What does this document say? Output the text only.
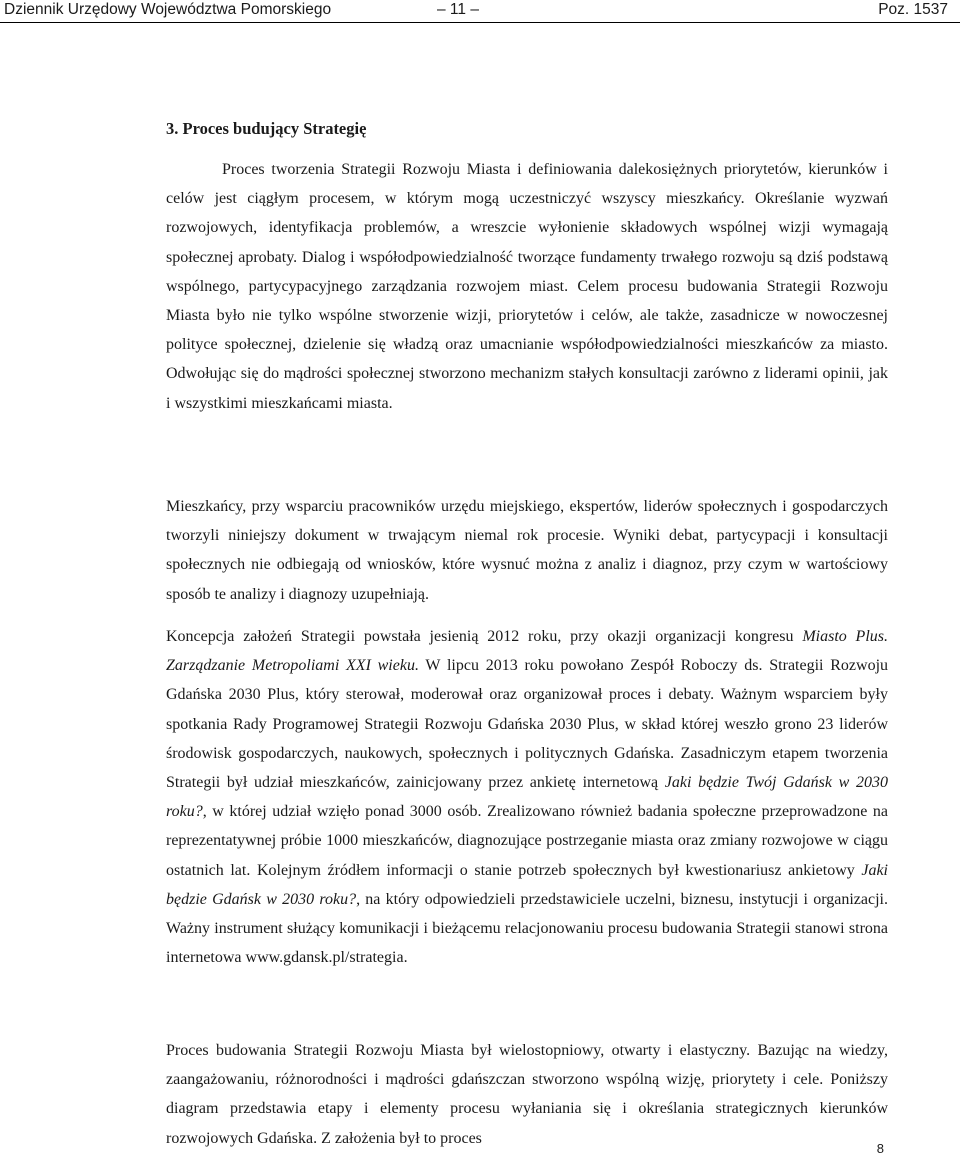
Dziennik Urzędowy Województwa Pomorskiego	– 11 –	Poz. 1537
3. Proces budujący Strategię

Proces tworzenia Strategii Rozwoju Miasta i definiowania dalekosiężnych priorytetów, kierunków i celów jest ciągłym procesem, w którym mogą uczestniczyć wszyscy mieszkańcy. Określanie wyzwań rozwojowych, identyfikacja problemów, a wreszcie wyłonienie składowych wspólnej wizji wymagają społecznej aprobaty. Dialog i współodpowiedzialność tworzące fundamenty trwałego rozwoju są dziś podstawą wspólnego, partycypacyjnego zarządzania rozwojem miast. Celem procesu budowania Strategii Rozwoju Miasta było nie tylko wspólne stworzenie wizji, priorytetów i celów, ale także, zasadnicze w nowoczesnej polityce społecznej, dzielenie się władzą oraz umacnianie współodpowiedzialności mieszkańców za miasto. Odwołując się do mądrości społecznej stworzono mechanizm stałych konsultacji zarówno z liderami opinii, jak i wszystkimi mieszkańcami miasta.

Mieszkańcy, przy wsparciu pracowników urzędu miejskiego, ekspertów, liderów społecznych i gospodarczych tworzyli niniejszy dokument w trwającym niemal rok procesie. Wyniki debat, partycypacji i konsultacji społecznych nie odbiegają od wniosków, które wysnuć można z analiz i diagnoz, przy czym w wartościowy sposób te analizy i diagnozy uzupełniają.

Koncepcja założeń Strategii powstała jesienią 2012 roku, przy okazji organizacji kongresu Miasto Plus. Zarządzanie Metropoliami XXI wieku. W lipcu 2013 roku powołano Zespół Roboczy ds. Strategii Rozwoju Gdańska 2030 Plus, który sterował, moderował oraz organizował proces i debaty. Ważnym wsparciem były spotkania Rady Programowej Strategii Rozwoju Gdańska 2030 Plus, w skład której weszło grono 23 liderów środowisk gospodarczych, naukowych, społecznych i politycznych Gdańska. Zasadniczym etapem tworzenia Strategii był udział mieszkańców, zainicjowany przez ankietę internetową Jaki będzie Twój Gdańsk w 2030 roku?, w której udział wzięło ponad 3000 osób. Zrealizowano również badania społeczne przeprowadzone na reprezentatywnej próbie 1000 mieszkańców, diagnozujące postrzeganie miasta oraz zmiany rozwojowe w ciągu ostatnich lat. Kolejnym źródłem informacji o stanie potrzeb społecznych był kwestionariusz ankietowy Jaki będzie Gdańsk w 2030 roku?, na który odpowiedzieli przedstawiciele uczelni, biznesu, instytucji i organizacji. Ważny instrument służący komunikacji i bieżącemu relacjonowaniu procesu budowania Strategii stanowi strona internetowa www.gdansk.pl/strategia.

Proces budowania Strategii Rozwoju Miasta był wielostopniowy, otwarty i elastyczny. Bazując na wiedzy, zaangażowaniu, różnorodności i mądrości gdańszczan stworzono wspólną wizję, priorytety i cele. Poniższy diagram przedstawia etapy i elementy procesu wyłaniania się i określania strategicznych kierunków rozwojowych Gdańska. Z założenia był to proces

8
